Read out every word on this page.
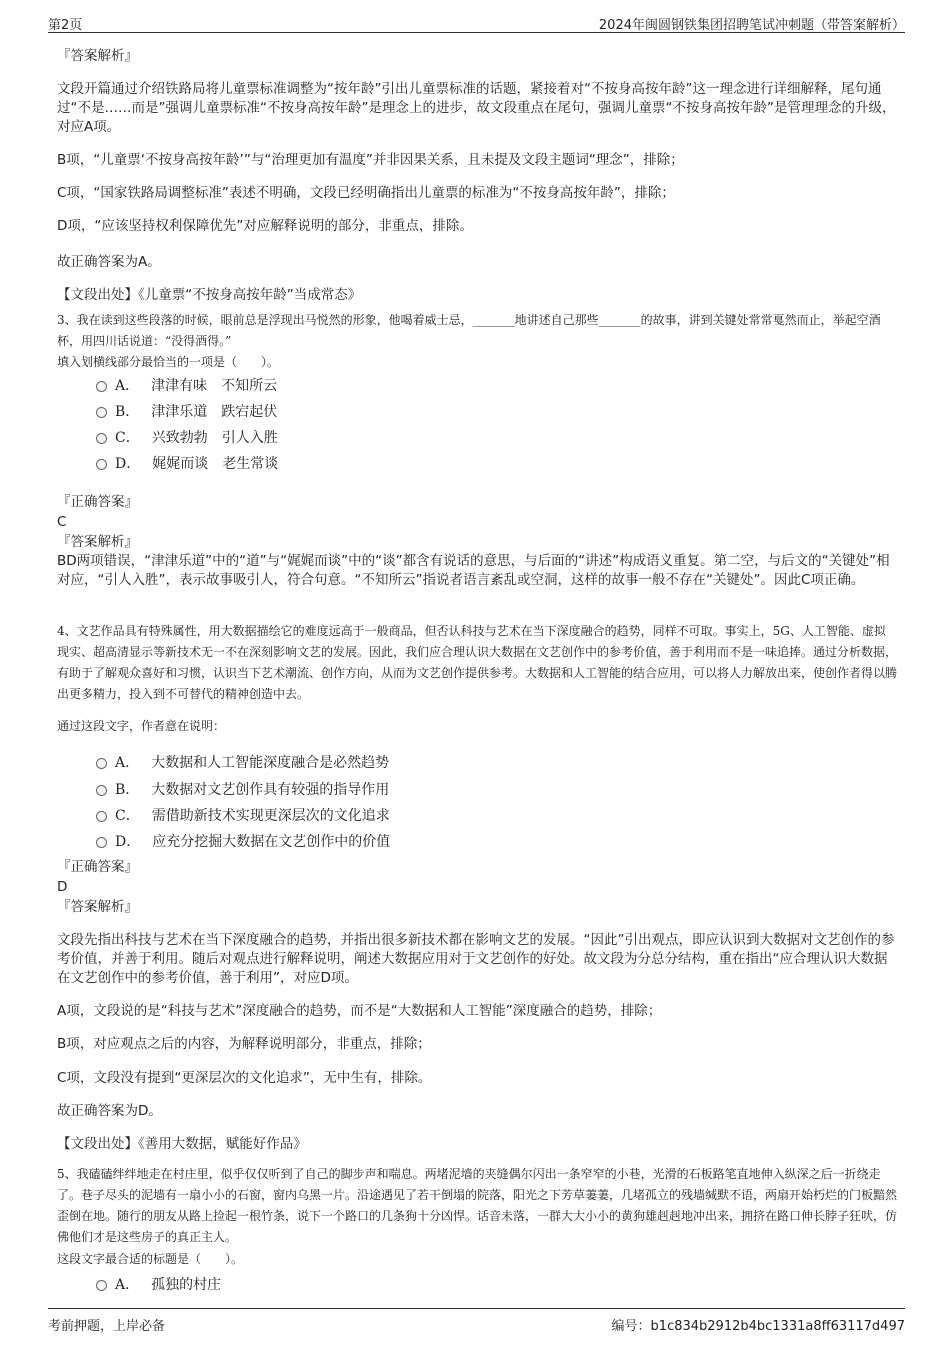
第2页	2024年闽圆钢铁集团招聘笔试冲刺题（带答案解析）
『答案解析』
文段开篇通过介绍铁路局将儿童票标准调整为“按年龄”引出儿童票标准的话题，紧接着对“不按身高按年龄”这一理念进行详细解释，尾句通过“不是……而是”强调儿童票标准“不按身高按年龄”是理念上的进步，故文段重点在尾句，强调儿童票“不按身高按年龄”是管理理念的升级，对应A项。
B项，“儿童票‘不按身高按年龄’”与“治理更加有温度”并非因果关系，且未提及文段主题词“理念”，排除；
C项，“国家铁路局调整标准”表述不明确，文段已经明确指出儿童票的标准为“不按身高按年龄”，排除；
D项，“应该坚持权利保障优先”对应解释说明的部分，非重点，排除。
故正确答案为A。
【文段出处】《儿童票“不按身高按年龄”当成常态》
3、我在读到这些段落的时候，眼前总是浮现出马悦然的形象，他喝着威士忌，_______地讲述自己那些_______的故事，讲到关键处常常戛然而止，举起空酒杯，用四川话说道：“没得酒得。”
填入划横线部分最恰当的一项是（　　）。
A． 津津有味　不知所云
B． 津津乐道　跌宕起伏
C． 兴致勃勃　引人入胜
D． 娓娓而谈　老生常谈
『正确答案』
C
『答案解析』
BD两项错误，“津津乐道”中的“道”与“娓娓而谈”中的“谈”都含有说话的意思，与后面的“讲述”构成语义重复。第二空，与后文的“关键处”相对应，“引人入胜”，表示故事吸引人，符合句意。“不知所云”指说者语言紊乱或空洞，这样的故事一般不存在“关键处”。因此C项正确。
4、文艺作品具有特殊属性，用大数据描绘它的难度远高于一般商品，但否认科技与艺术在当下深度融合的趋势，同样不可取。事实上，5G、人工智能、虚拟现实、超高清显示等新技术无一不在深刻影响文艺的发展。因此，我们应合理认识大数据在文艺创作中的参考价值，善于利用而不是一味追捧。通过分析数据，有助于了解观众喜好和习惯，认识当下艺术潮流、创作方向，从而为文艺创作提供参考。大数据和人工智能的结合应用，可以将人力解放出来，使创作者得以腾出更多精力，投入到不可替代的精神创造中去。
通过这段文字，作者意在说明：
A． 大数据和人工智能深度融合是必然趋势
B． 大数据对文艺创作具有较强的指导作用
C． 需借助新技术实现更深层次的文化追求
D． 应充分挖掘大数据在文艺创作中的价值
『正确答案』
D
『答案解析』
文段先指出科技与艺术在当下深度融合的趋势，并指出很多新技术都在影响文艺的发展。“因此”引出观点，即应认识到大数据对文艺创作的参考价值，并善于利用。随后对观点进行解释说明，阐述大数据应用对于文艺创作的好处。故文段为分总分结构，重在指出“应合理认识大数据在文艺创作中的参考价值，善于利用”，对应D项。
A项，文段说的是“科技与艺术”深度融合的趋势，而不是“大数据和人工智能”深度融合的趋势，排除；
B项，对应观点之后的内容，为解释说明部分，非重点，排除；
C项，文段没有提到“更深层次的文化追求”，无中生有，排除。
故正确答案为D。
【文段出处】《善用大数据，赋能好作品》
5、我磕磕绊绊地走在村庄里，似乎仅仅听到了自己的脚步声和喘息。两堵泥墙的夹缝偶尔闪出一条窄窄的小巷，光滑的石板路笔直地伸入纵深之后一折绕走了。巷子尽头的泥墙有一扇小小的石窗，窗内乌黑一片。沿途遇见了若干倒塌的院落，阳光之下芳草萋萋，几堵孤立的残墙缄默不语，两扇开始朽烂的门板黯然歪倒在地。随行的朋友从路上捡起一根竹条，说下一个路口的几条狗十分凶悍。话音未落，一群大大小小的黄狗雄赳赳地冲出来，拥挤在路口伸长脖子狂吠，仿佛他们才是这些房子的真正主人。
这段文字最合适的标题是（　　）。
A． 孤独的村庄
考前押题，上岸必备	编号：b1c834b2912b4bc1331a8ff63117d497
